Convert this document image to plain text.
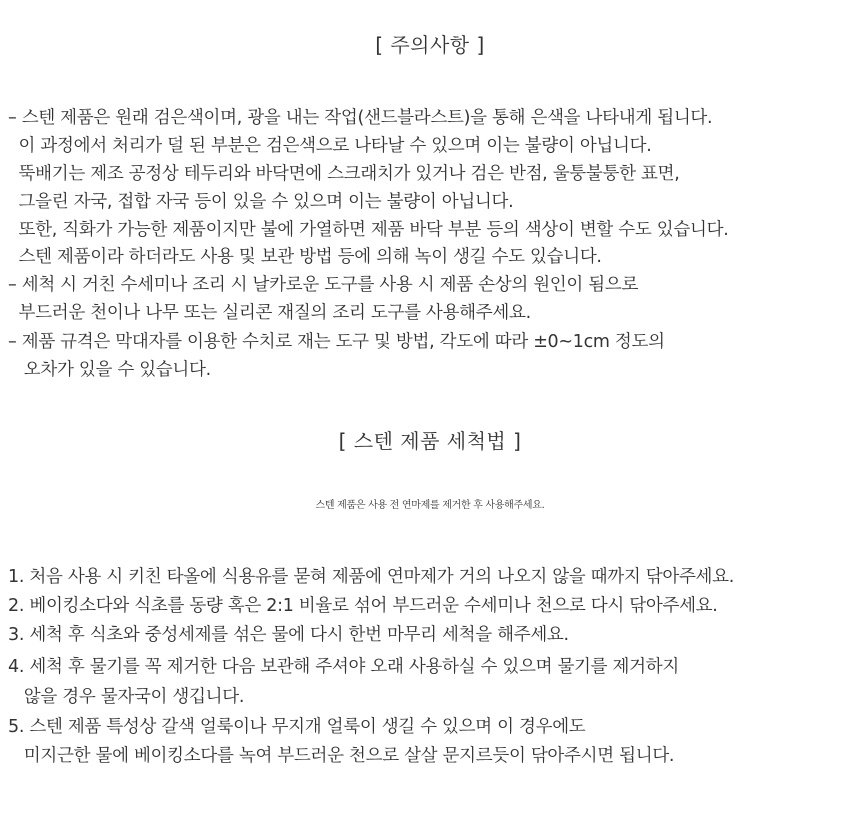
[ 주의사항 ]
– 스텐 제품은 원래 검은색이며, 광을 내는 작업(샌드블라스트)을 통해 은색을 나타내게 됩니다.
이 과정에서 처리가 덜 된 부분은 검은색으로 나타날 수 있으며 이는 불량이 아닙니다.
뚝배기는 제조 공정상 테두리와 바닥면에 스크래치가 있거나 검은 반점, 울퉁불퉁한 표면,
그을린 자국, 접합 자국 등이 있을 수 있으며 이는 불량이 아닙니다.
또한, 직화가 가능한 제품이지만 불에 가열하면 제품 바닥 부분 등의 색상이 변할 수도 있습니다.
스텐 제품이라 하더라도 사용 및 보관 방법 등에 의해 녹이 생길 수도 있습니다.
– 세척 시 거친 수세미나 조리 시 날카로운 도구를 사용 시 제품 손상의 원인이 됨으로
부드러운 천이나 나무 또는 실리콘 재질의 조리 도구를 사용해주세요.
– 제품 규격은 막대자를 이용한 수치로 재는 도구 및 방법, 각도에 따라 ±0~1cm 정도의
오차가 있을 수 있습니다.
[ 스텐 제품 세척법 ]
스텐 제품은 사용 전 연마제를 제거한 후 사용해주세요.
1. 처음 사용 시 키친 타올에 식용유를 묻혀 제품에 연마제가 거의 나오지 않을 때까지 닦아주세요.
2. 베이킹소다와 식초를 동량 혹은 2:1 비율로 섞어 부드러운 수세미나 천으로 다시 닦아주세요.
3. 세척 후 식초와 중성세제를 섞은 물에 다시 한번 마무리 세척을 해주세요.
4. 세척 후 물기를 꼭 제거한 다음 보관해 주셔야 오래 사용하실 수 있으며 물기를 제거하지
않을 경우 물자국이 생깁니다.
5. 스텐 제품 특성상 갈색 얼룩이나 무지개 얼룩이 생길 수 있으며 이 경우에도
미지근한 물에 베이킹소다를 녹여 부드러운 천으로 살살 문지르듯이 닦아주시면 됩니다.
